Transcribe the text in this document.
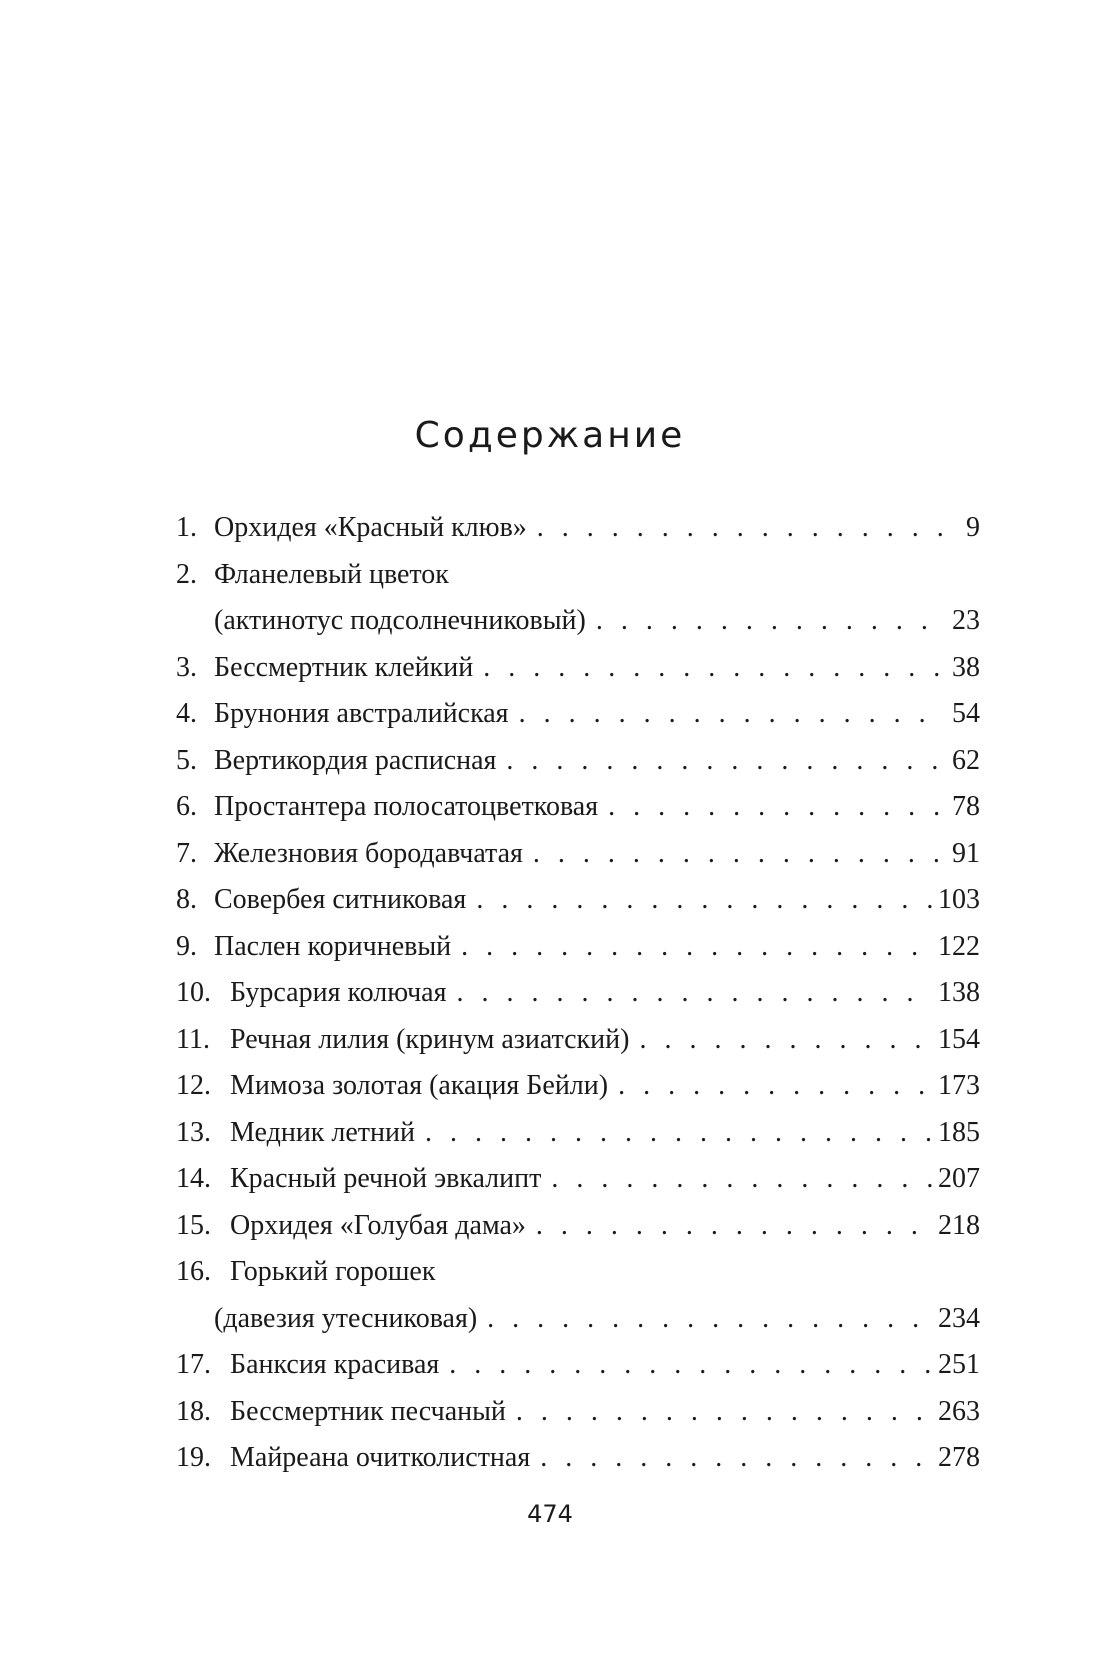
Содержание
1. Орхидея «Красный клюв» . . .	9
2. Фланелевый цветок
(актинотус подсолнечниковый) . . .	23
3. Бессмертник клейкий . . .	38
4. Брунония австралийская . . .	54
5. Вертикордия расписная . . .	62
6. Простантера полосатоцветковая . . .	78
7. Железновия бородавчатая . . .	91
8. Совербея ситниковая . . .	103
9. Паслен коричневый . . .	122
10. Бурсария колючая . . .	138
11. Речная лилия (кринум азиатский) . . .	154
12. Мимоза золотая (акация Бейли) . . .	173
13. Медник летний . . .	185
14. Красный речной эвкалипт . . .	207
15. Орхидея «Голубая дама» . . .	218
16. Горький горошек
(давезия утесниковая) . . .	234
17. Банксия красивая . . .	251
18. Бессмертник песчаный . . .	263
19. Майреана очитколистная . . .	278
474
